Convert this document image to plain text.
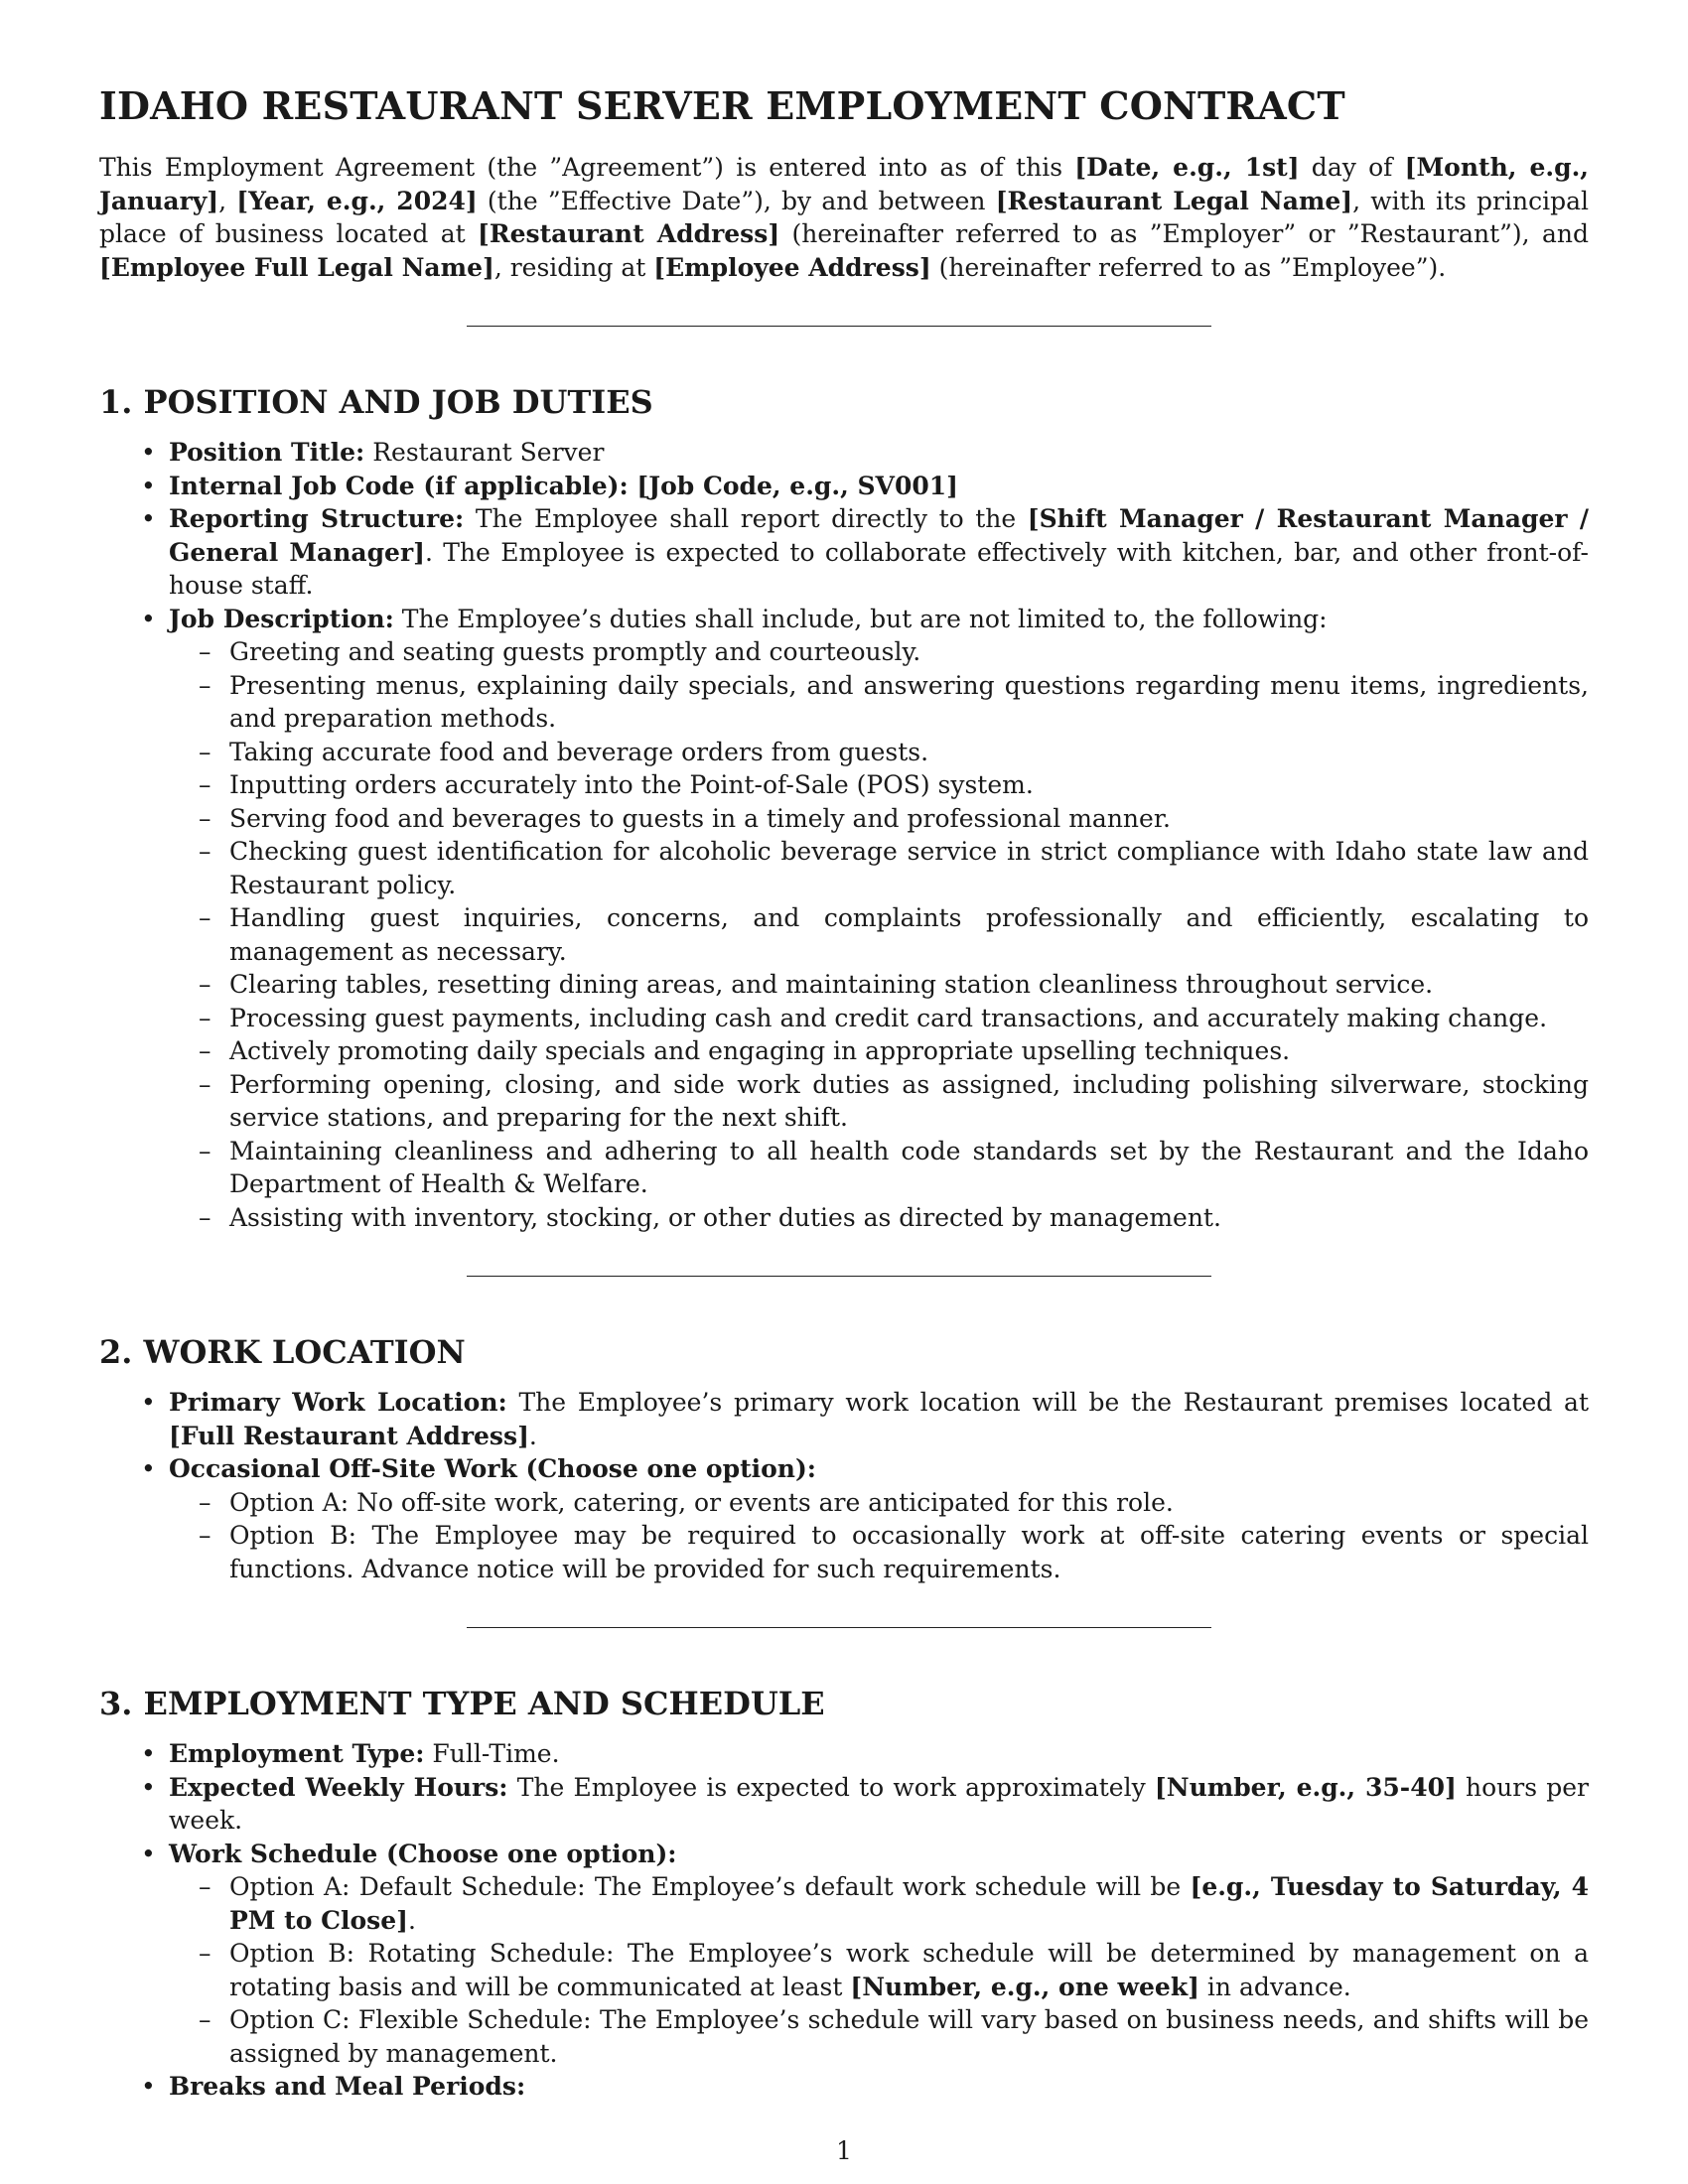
IDAHO RESTAURANT SERVER EMPLOYMENT CONTRACT

This Employment Agreement (the ”Agreement”) is entered into as of this [Date, e.g., 1st] day of [Month, e.g., January], [Year, e.g., 2024] (the ”Effective Date”), by and between [Restaurant Legal Name], with its principal place of business located at [Restaurant Address] (hereinafter referred to as ”Employer” or ”Restaurant”), and [Employee Full Legal Name], residing at [Employee Address] (hereinafter referred to as ”Employee”).

1. POSITION AND JOB DUTIES
• Position Title: Restaurant Server
• Internal Job Code (if applicable): [Job Code, e.g., SV001]
• Reporting Structure: The Employee shall report directly to the [Shift Manager / Restaurant Manager / General Manager]. The Employee is expected to collaborate effectively with kitchen, bar, and other front-of-house staff.
• Job Description: The Employee’s duties shall include, but are not limited to, the following:
– Greeting and seating guests promptly and courteously.
– Presenting menus, explaining daily specials, and answering questions regarding menu items, ingredients, and preparation methods.
– Taking accurate food and beverage orders from guests.
– Inputting orders accurately into the Point-of-Sale (POS) system.
– Serving food and beverages to guests in a timely and professional manner.
– Checking guest identification for alcoholic beverage service in strict compliance with Idaho state law and Restaurant policy.
– Handling guest inquiries, concerns, and complaints professionally and efficiently, escalating to management as necessary.
– Clearing tables, resetting dining areas, and maintaining station cleanliness throughout service.
– Processing guest payments, including cash and credit card transactions, and accurately making change.
– Actively promoting daily specials and engaging in appropriate upselling techniques.
– Performing opening, closing, and side work duties as assigned, including polishing silverware, stocking service stations, and preparing for the next shift.
– Maintaining cleanliness and adhering to all health code standards set by the Restaurant and the Idaho Department of Health & Welfare.
– Assisting with inventory, stocking, or other duties as directed by management.
2. WORK LOCATION
• Primary Work Location: The Employee’s primary work location will be the Restaurant premises located at [Full Restaurant Address].
• Occasional Off-Site Work (Choose one option):
– Option A: No off-site work, catering, or events are anticipated for this role.
– Option B: The Employee may be required to occasionally work at off-site catering events or special functions. Advance notice will be provided for such requirements.
3. EMPLOYMENT TYPE AND SCHEDULE
• Employment Type: Full-Time.
• Expected Weekly Hours: The Employee is expected to work approximately [Number, e.g., 35-40] hours per week.
• Work Schedule (Choose one option):
– Option A: Default Schedule: The Employee’s default work schedule will be [e.g., Tuesday to Saturday, 4 PM to Close].
– Option B: Rotating Schedule: The Employee’s work schedule will be determined by management on a rotating basis and will be communicated at least [Number, e.g., one week] in advance.
– Option C: Flexible Schedule: The Employee’s schedule will vary based on business needs, and shifts will be assigned by management.
• Breaks and Meal Periods:
1
